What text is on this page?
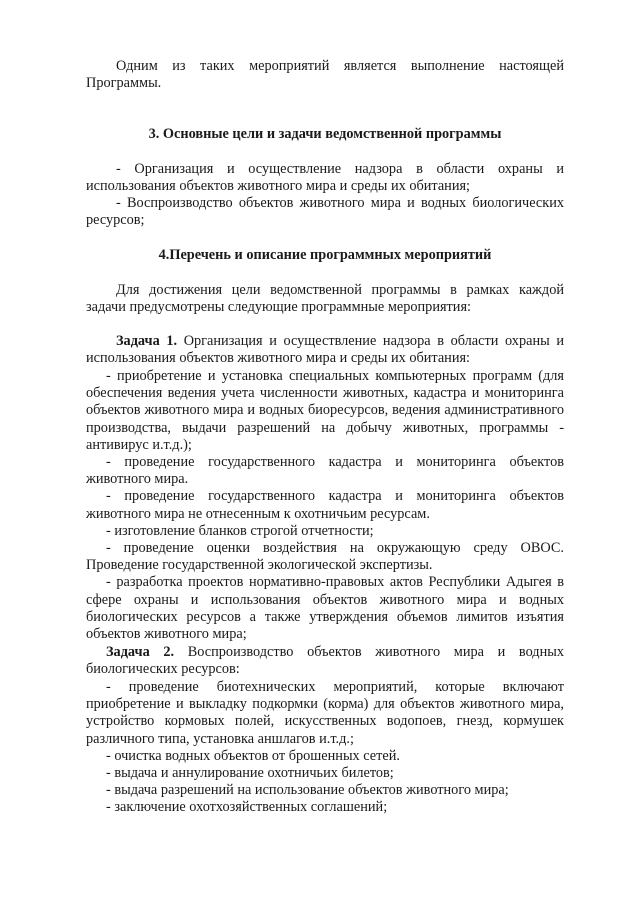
Одним из таких мероприятий является выполнение настоящей Программы.

3. Основные цели и задачи ведомственной программы

- Организация и осуществление надзора в области охраны и использования объектов животного мира и среды их обитания;

- Воспроизводство объектов животного мира и водных биологических ресурсов;

4.Перечень и описание программных мероприятий

Для достижения цели ведомственной программы в рамках каждой задачи предусмотрены следующие программные мероприятия:

Задача 1. Организация и осуществление надзора в области охраны и использования объектов животного мира и среды их обитания:

- приобретение и установка специальных компьютерных программ (для обеспечения ведения учета численности животных, кадастра и мониторинга объектов животного мира и водных биоресурсов, ведения административного производства, выдачи разрешений на добычу животных, программы - антивирус и.т.д.);

- проведение государственного кадастра и мониторинга объектов животного мира.

- проведение государственного кадастра и мониторинга объектов животного мира не отнесенным к охотничьим ресурсам.

- изготовление бланков строгой отчетности;

- проведение оценки воздействия на окружающую среду ОВОС. Проведение государственной экологической экспертизы.

- разработка проектов нормативно-правовых актов Республики Адыгея в сфере охраны и использования объектов животного мира и водных биологических ресурсов а также утверждения объемов лимитов изъятия объектов животного мира;

Задача 2. Воспроизводство объектов животного мира и водных биологических ресурсов:

- проведение биотехнических мероприятий, которые включают приобретение и выкладку подкормки (корма) для объектов животного мира, устройство кормовых полей, искусственных водопоев, гнезд, кормушек различного типа, установка аншлагов и.т.д.;

- очистка водных объектов от брошенных сетей.

- выдача и аннулирование охотничьих билетов;

- выдача разрешений на использование объектов животного мира;

- заключение охотхозяйственных соглашений;
